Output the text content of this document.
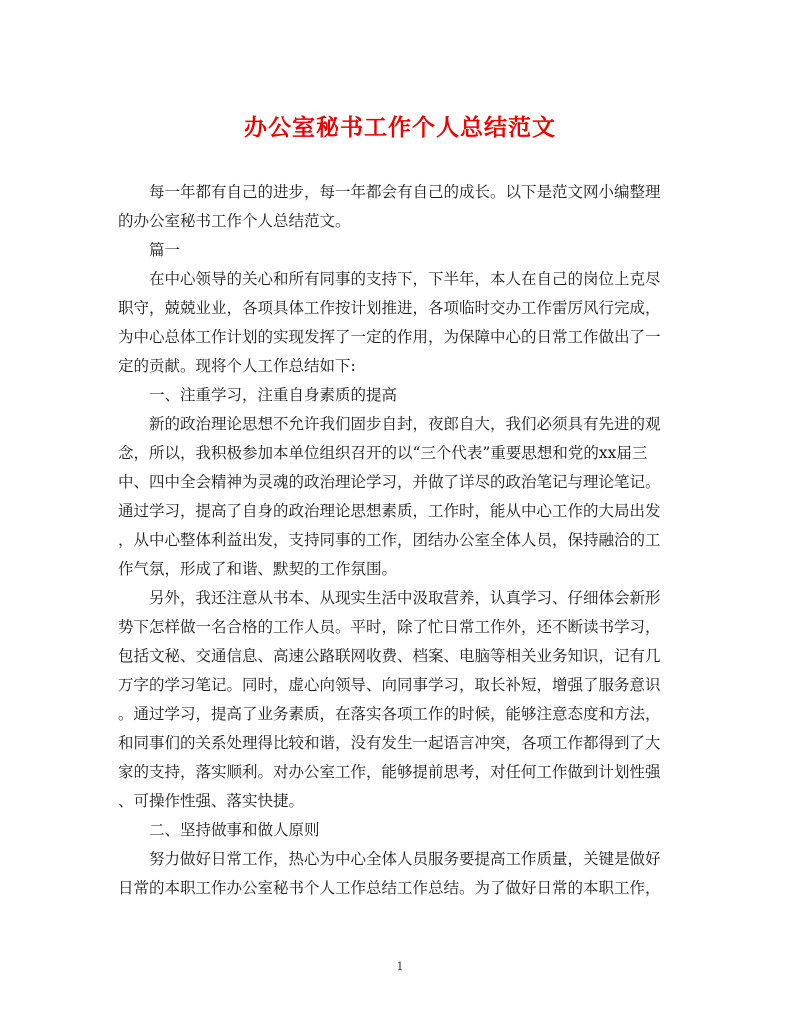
办公室秘书工作个人总结范文
每一年都有自己的进步，每一年都会有自己的成长。以下是范文网小编整理
的办公室秘书工作个人总结范文。
篇一
在中心领导的关心和所有同事的支持下，下半年，本人在自己的岗位上克尽
职守，兢兢业业，各项具体工作按计划推进，各项临时交办工作雷厉风行完成，
为中心总体工作计划的实现发挥了一定的作用，为保障中心的日常工作做出了一
定的贡献。现将个人工作总结如下:
一、注重学习，注重自身素质的提高
新的政治理论思想不允许我们固步自封，夜郎自大，我们必须具有先进的观
念，所以，我积极参加本单位组织召开的以“三个代表”重要思想和党的xx届三
中、四中全会精神为灵魂的政治理论学习，并做了详尽的政治笔记与理论笔记。
通过学习，提高了自身的政治理论思想素质，工作时，能从中心工作的大局出发
，从中心整体利益出发，支持同事的工作，团结办公室全体人员，保持融洽的工
作气氛，形成了和谐、默契的工作氛围。
另外，我还注意从书本、从现实生活中汲取营养，认真学习、仔细体会新形
势下怎样做一名合格的工作人员。平时，除了忙日常工作外，还不断读书学习，
包括文秘、交通信息、高速公路联网收费、档案、电脑等相关业务知识，记有几
万字的学习笔记。同时，虚心向领导、向同事学习，取长补短，增强了服务意识
。通过学习，提高了业务素质，在落实各项工作的时候，能够注意态度和方法，
和同事们的关系处理得比较和谐，没有发生一起语言冲突，各项工作都得到了大
家的支持，落实顺利。对办公室工作，能够提前思考，对任何工作做到计划性强
、可操作性强、落实快捷。
二、坚持做事和做人原则
努力做好日常工作，热心为中心全体人员服务要提高工作质量，关键是做好
日常的本职工作办公室秘书个人工作总结工作总结。为了做好日常的本职工作，
1
